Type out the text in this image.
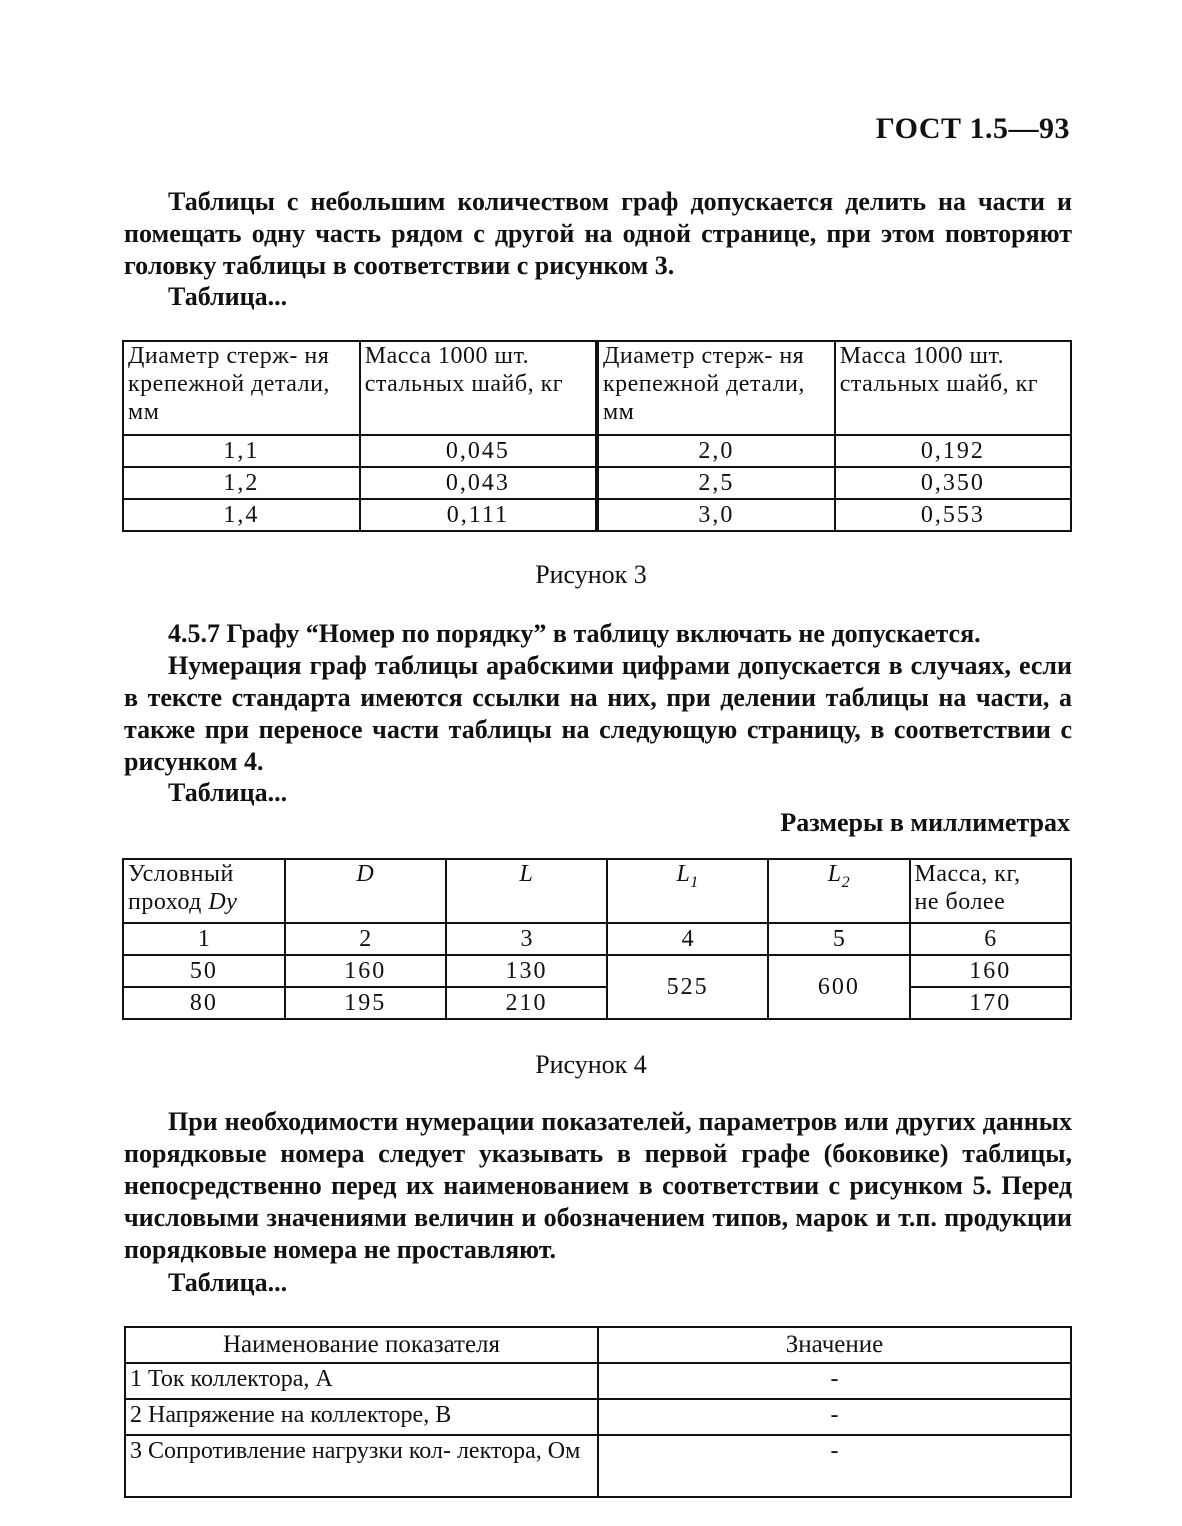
ГОСТ 1.5—93
Таблицы с небольшим количеством граф допускается делить на части и помещать одну часть рядом с другой на одной странице, при этом повторяют головку таблицы в соответствии с рисунком 3.
Таблица...
Диаметр стерж- ня крепежной детали, мм	Масса 1000 шт. стальных шайб, кг	Диаметр стерж- ня крепежной детали, мм	Масса 1000 шт. стальных шайб, кг
1,1	0,045	2,0	0,192
1,2	0,043	2,5	0,350
1,4	0,111	3,0	0,553
Рисунок 3
4.5.7 Графу “Номер по порядку” в таблицу включать не допускается.
Нумерация граф таблицы арабскими цифрами допускается в случаях, если в тексте стандарта имеются ссылки на них, при делении таблицы на части, а также при переносе части таблицы на следующую страницу, в соответствии с рисунком 4.
Таблица...
Размеры в миллиметрах
Условный
проход Dу	D	L	$L_1$	$L_2$	Масса, кг,
не более
1	2	3	4	5	6
50	160	130	525	600	160
80	195	210			170
Рисунок 4
При необходимости нумерации показателей, параметров или других данных порядковые номера следует указывать в первой графе (боковике) таблицы, непосредственно перед их наименованием в соответствии с рисунком 5. Перед числовыми значениями величин и обозначением типов, марок и т.п. продукции порядковые номера не проставляют.
Таблица...
Наименование показателя	Значение
1 Ток коллектора, А	-
2 Напряжение на коллекторе, В	-
3 Сопротивление нагрузки кол- лектора, Ом	-
